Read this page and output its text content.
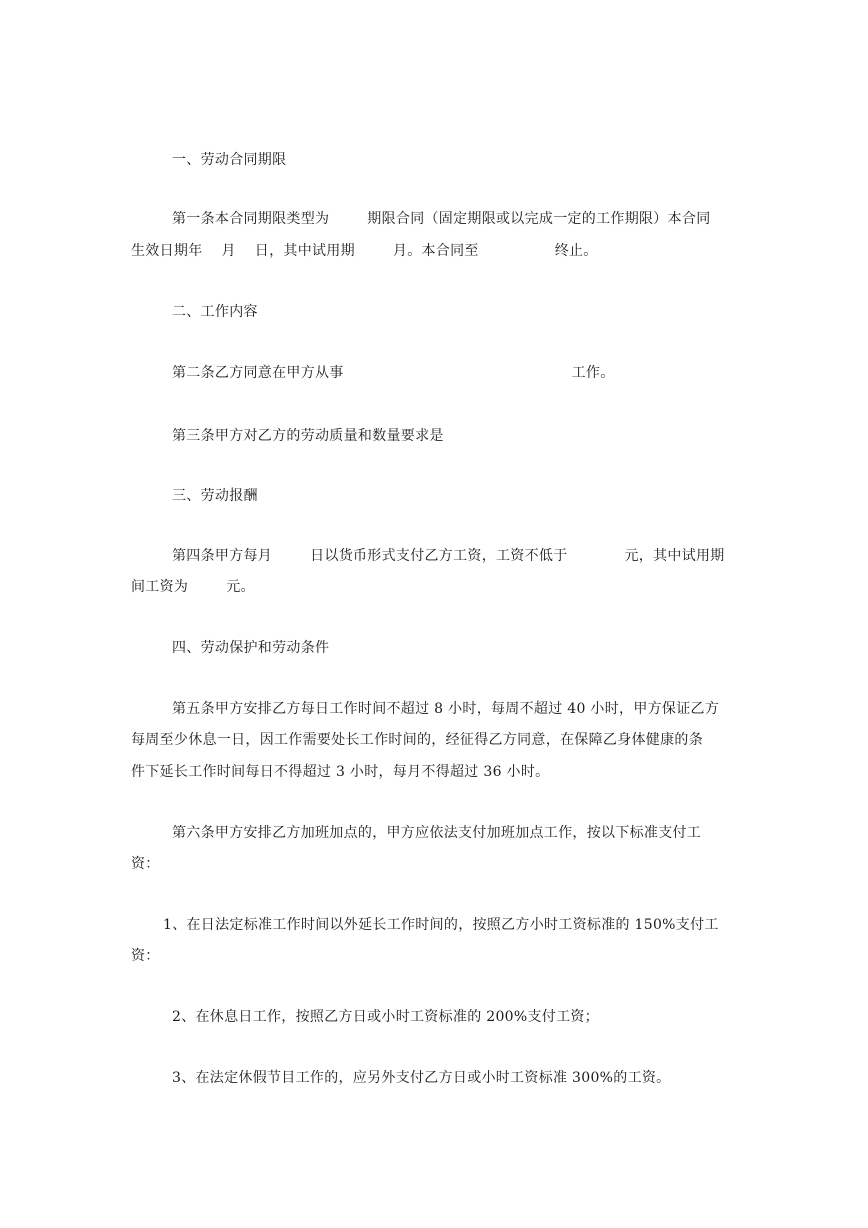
一、劳动合同期限
第一条本合同期限类型为        期限合同（固定期限或以完成一定的工作期限）本合同
生效日期年    月    日，其中试用期        月。本合同至                终止。
二、工作内容
第二条乙方同意在甲方从事                                                工作。
第三条甲方对乙方的劳动质量和数量要求是
三、劳动报酬
第四条甲方每月        日以货币形式支付乙方工资，工资不低于            元，其中试用期
间工资为        元。
四、劳动保护和劳动条件
第五条甲方安排乙方每日工作时间不超过 8 小时，每周不超过 40 小时，甲方保证乙方
每周至少休息一日，因工作需要处长工作时间的，经征得乙方同意，在保障乙身体健康的条
件下延长工作时间每日不得超过 3 小时，每月不得超过 36 小时。
第六条甲方安排乙方加班加点的，甲方应依法支付加班加点工作，按以下标准支付工
资：
1、在日法定标准工作时间以外延长工作时间的，按照乙方小时工资标准的 150%支付工
资：
2、在休息日工作，按照乙方日或小时工资标准的 200%支付工资；
3、在法定休假节目工作的，应另外支付乙方日或小时工资标准 300%的工资。
